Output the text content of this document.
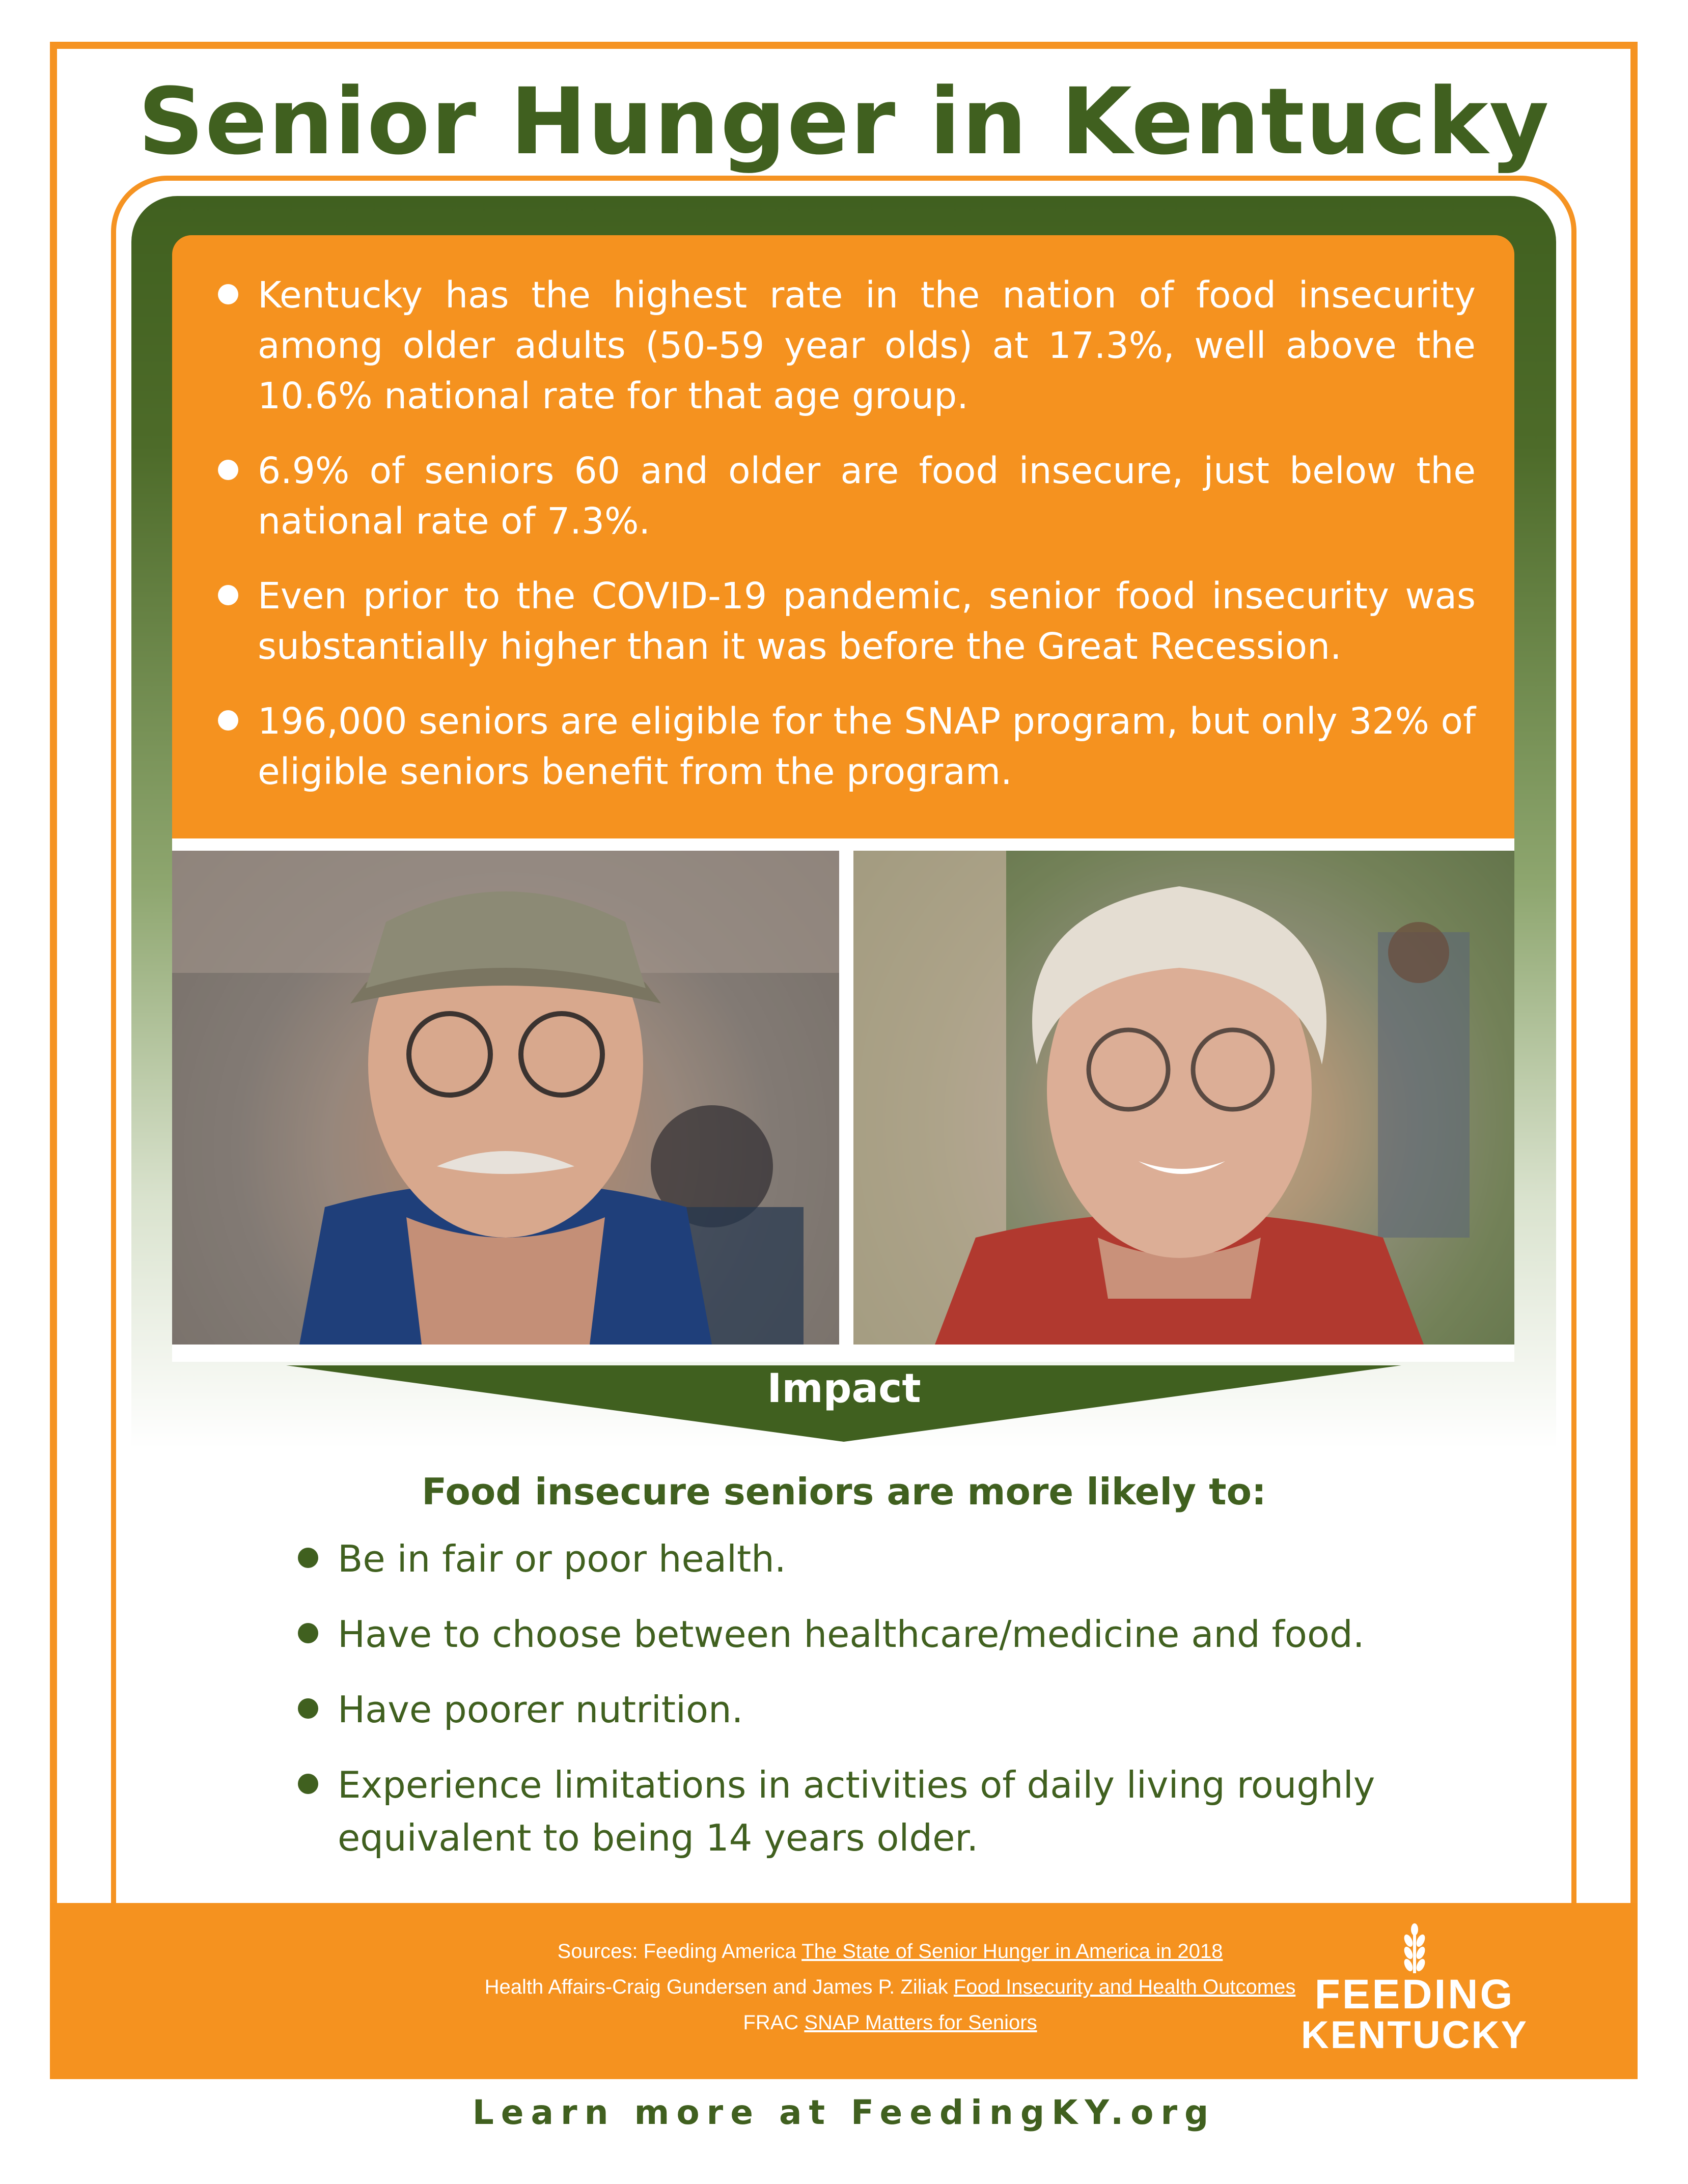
Senior Hunger in Kentucky
Kentucky has the highest rate in the nation of food insecurity among older adults (50-59 year olds) at 17.3%, well above the 10.6% national rate for that age group.
6.9% of seniors 60 and older are food insecure, just below the national rate of 7.3%.
Even prior to the COVID-19 pandemic, senior food insecurity was substantially higher than it was before the Great Recession.
196,000 seniors are eligible for the SNAP program, but only 32% of eligible seniors benefit from the program.
Impact
Food insecure seniors are more likely to:
Be in fair or poor health.
Have to choose between healthcare/medicine and food.
Have poorer nutrition.
Experience limitations in activities of daily living roughly equivalent to being 14 years older.
Sources: Feeding America The State of Senior Hunger in America in 2018
Health Affairs-Craig Gundersen and James P. Ziliak Food Insecurity and Health Outcomes
FRAC SNAP Matters for Seniors
FEEDING
KENTUCKY
Learn more at FeedingKY.org
